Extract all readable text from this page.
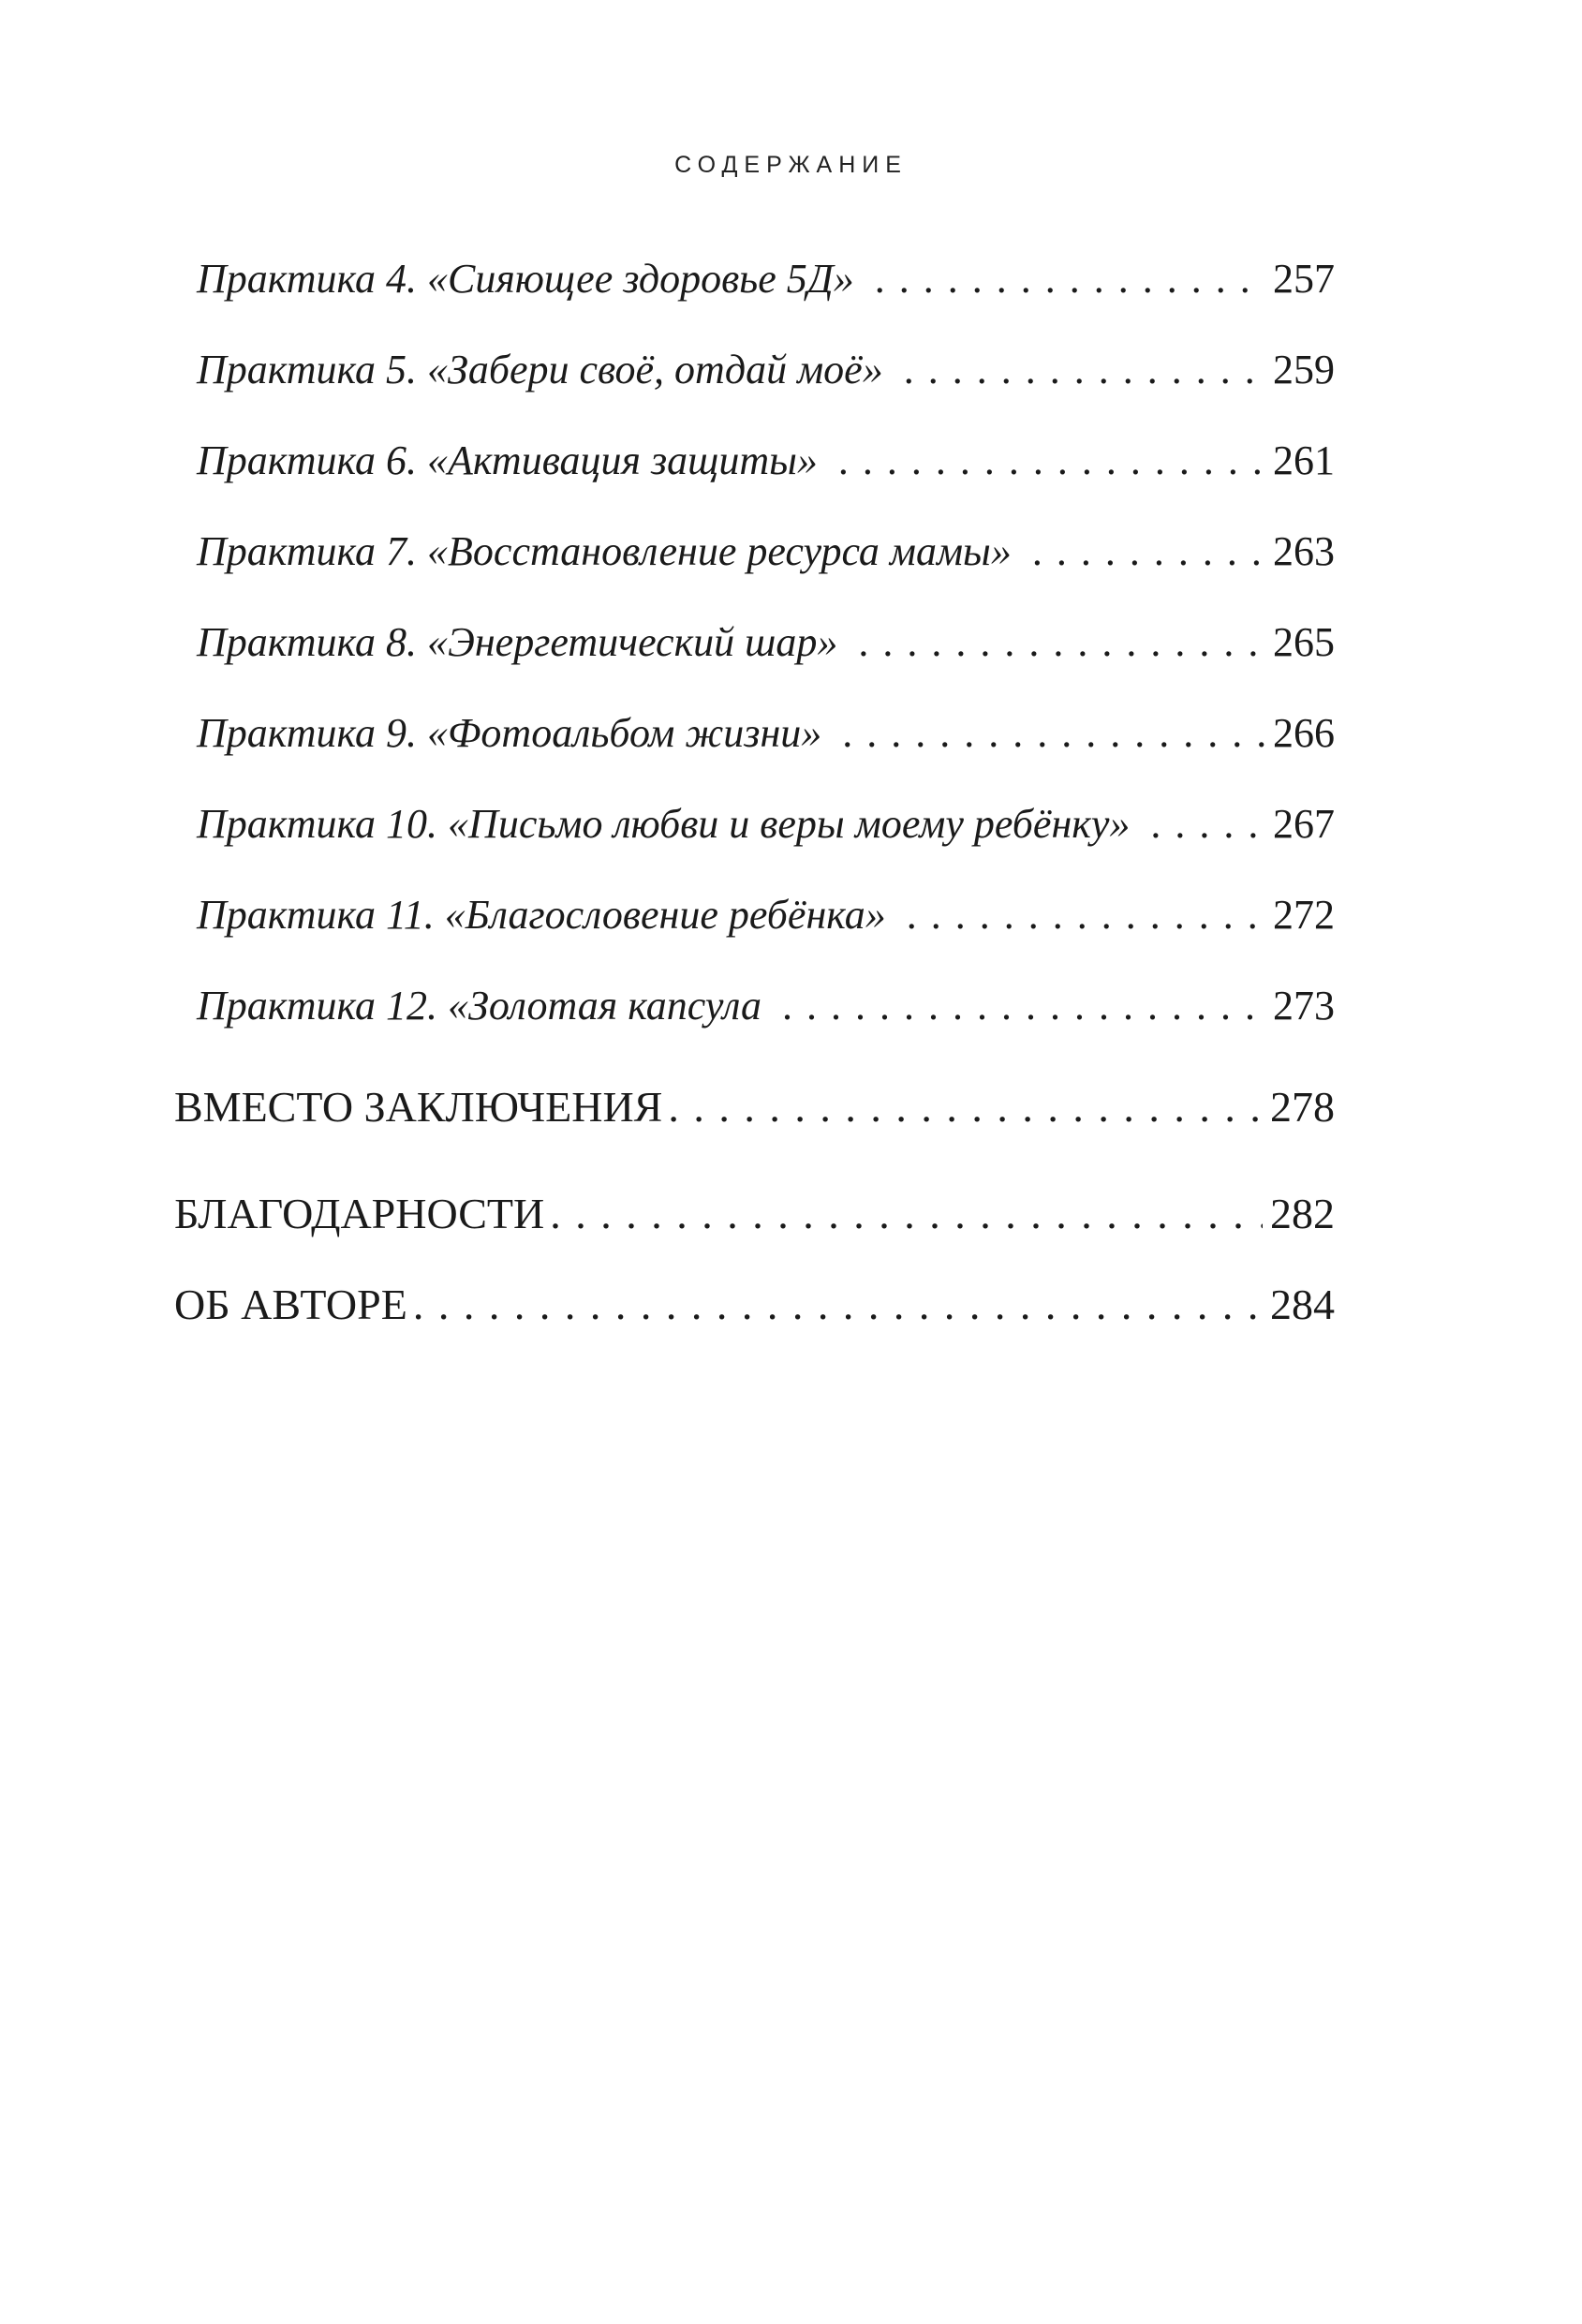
СОДЕРЖАНИЕ
Практика 4. «Сияющее здоровье 5Д» . . .	257
Практика 5. «Забери своё, отдай моё» . . .	259
Практика 6. «Активация защиты» . . .	261
Практика 7. «Восстановление ресурса мамы» . . .	263
Практика 8. «Энергетический шар» . . .	265
Практика 9. «Фотоальбом жизни» . . .	266
Практика 10. «Письмо любви и веры моему ребёнку» . . .	267
Практика 11. «Благословение ребёнка» . . .	272
Практика 12. «Золотая капсула . . .	273
ВМЕСТО ЗАКЛЮЧЕНИЯ . . .	278
БЛАГОДАРНОСТИ . . .	282
ОБ АВТОРЕ . . .	284
